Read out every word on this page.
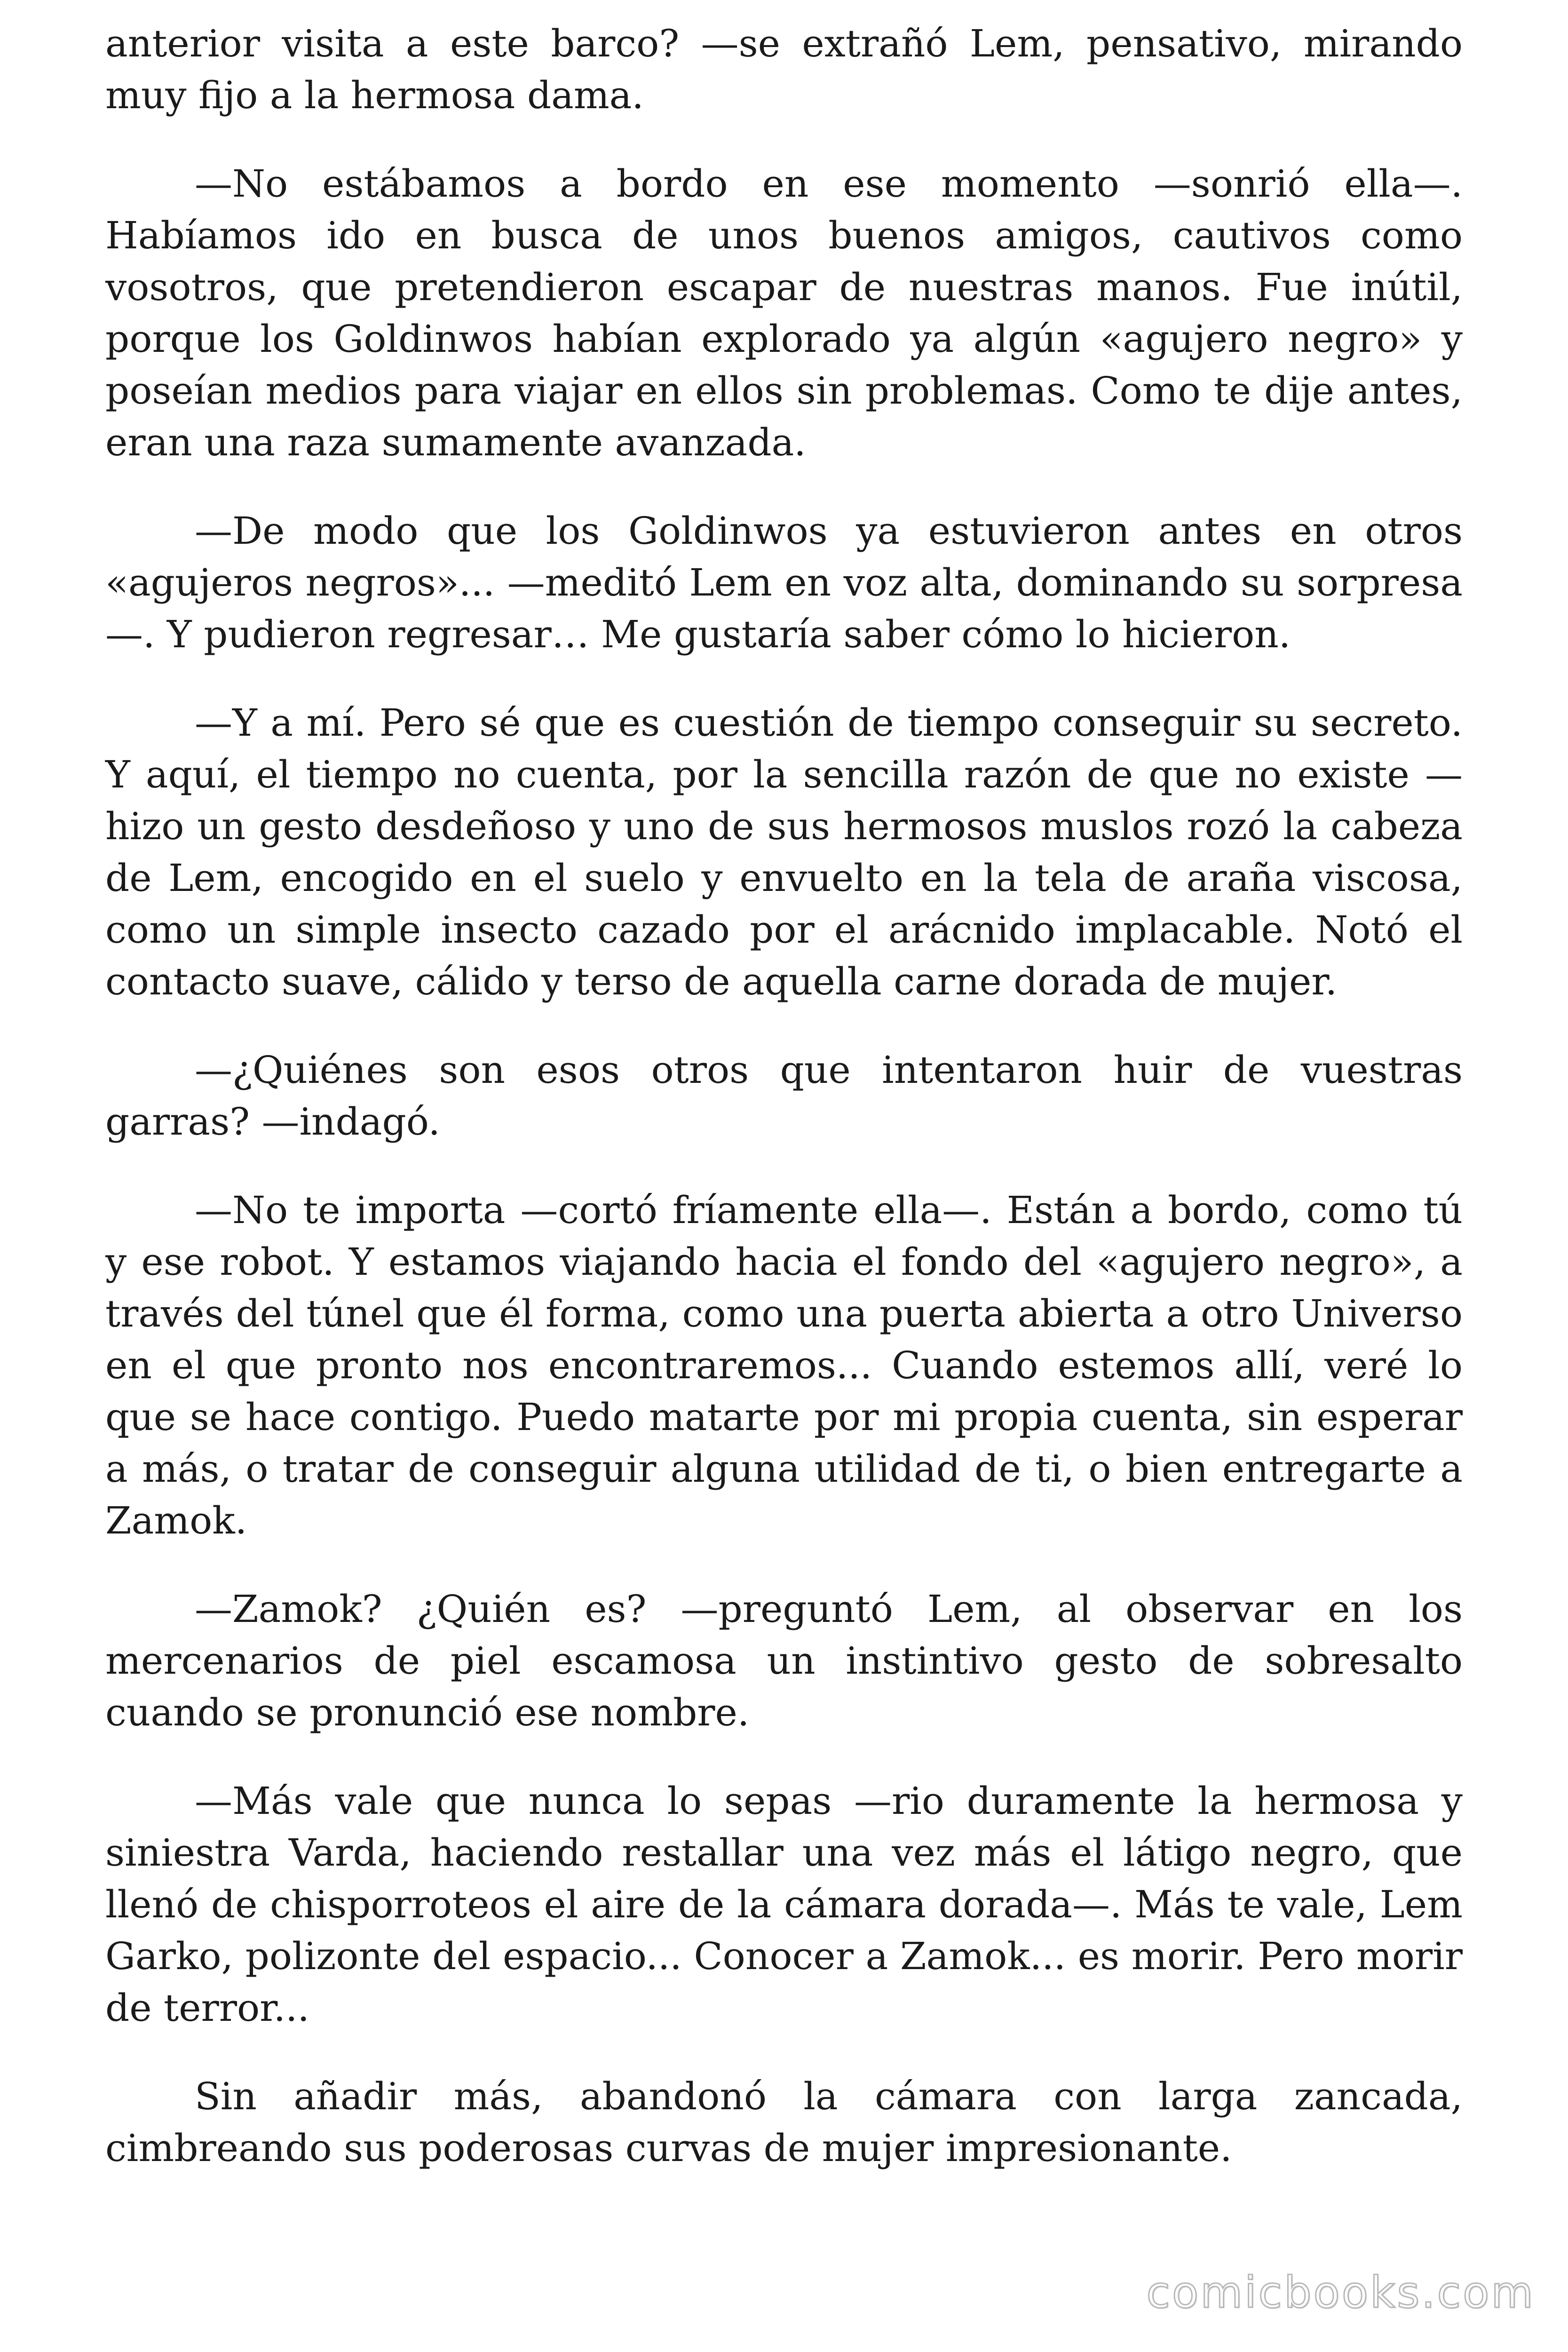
anterior visita a este barco? —se extrañó Lem, pensativo, mirando muy fijo a la hermosa dama.

—No estábamos a bordo en ese momento —sonrió ella—. Habíamos ido en busca de unos buenos amigos, cautivos como vosotros, que pretendieron escapar de nuestras manos. Fue inútil, porque los Goldinwos habían explorado ya algún «agujero negro» y poseían medios para viajar en ellos sin problemas. Como te dije antes, eran una raza sumamente avanzada.

—De modo que los Goldinwos ya estuvieron antes en otros «agujeros negros»... —meditó Lem en voz alta, dominando su sorpresa —. Y pudieron regresar… Me gustaría saber cómo lo hicieron.

—Y a mí. Pero sé que es cuestión de tiempo conseguir su secreto. Y aquí, el tiempo no cuenta, por la sencilla razón de que no existe — hizo un gesto desdeñoso y uno de sus hermosos muslos rozó la cabeza de Lem, encogido en el suelo y envuelto en la tela de araña viscosa, como un simple insecto cazado por el arácnido implacable. Notó el contacto suave, cálido y terso de aquella carne dorada de mujer.

—¿Quiénes son esos otros que intentaron huir de vuestras garras? —indagó.

—No te importa —cortó fríamente ella—. Están a bordo, como tú y ese robot. Y estamos viajando hacia el fondo del «agujero negro», a través del túnel que él forma, como una puerta abierta a otro Universo en el que pronto nos encontraremos... Cuando estemos allí, veré lo que se hace contigo. Puedo matarte por mi propia cuenta, sin esperar a más, o tratar de conseguir alguna utilidad de ti, o bien entregarte a Zamok.

—Zamok? ¿Quién es? —preguntó Lem, al observar en los mercenarios de piel escamosa un instintivo gesto de sobresalto cuando se pronunció ese nombre.

—Más vale que nunca lo sepas —rio duramente la hermosa y siniestra Varda, haciendo restallar una vez más el látigo negro, que llenó de chisporroteos el aire de la cámara dorada—. Más te vale, Lem Garko, polizonte del espacio... Conocer a Zamok... es morir. Pero morir de terror...

Sin añadir más, abandonó la cámara con larga zancada, cimbreando sus poderosas curvas de mujer impresionante.

comicbooks.com
